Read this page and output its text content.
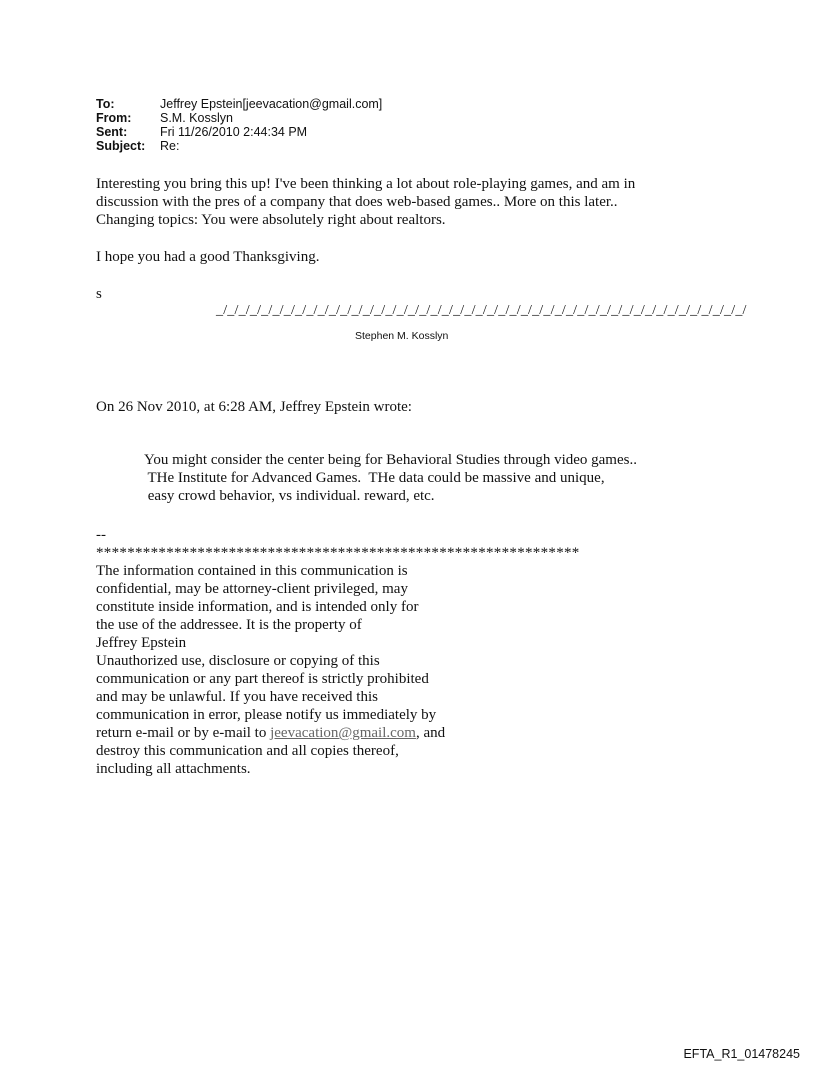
To:	Jeffrey Epstein[jeevacation@gmail.com]
From:	S.M. Kosslyn
Sent:	Fri 11/26/2010 2:44:34 PM
Subject:	Re:
Interesting you bring this up! I've been thinking a lot about role-playing games, and am in
discussion with the pres of a company that does web-based games.. More on this later..
Changing topics: You were absolutely right about realtors.
I hope you had a good Thanksgiving.
s
_/_/_/_/_/_/_/_/_/_/_/_/_/_/_/_/_/_/_/_/_/_/_/_/_/_/_/_/_/_/_/_/_/_/_/_/_/_/_/_/_/_/_/_/_/_/_/
Stephen M. Kosslyn
On 26 Nov 2010, at 6:28 AM, Jeffrey Epstein wrote:
You might consider the center being for Behavioral Studies through video games..
THe Institute for Advanced Games.  THe data could be massive and unique,
easy crowd behavior, vs individual. reward, etc.
--
**************************************************************
The information contained in this communication is
confidential, may be attorney-client privileged, may
constitute inside information, and is intended only for
the use of the addressee. It is the property of
Jeffrey Epstein
Unauthorized use, disclosure or copying of this
communication or any part thereof is strictly prohibited
and may be unlawful. If you have received this
communication in error, please notify us immediately by
return e-mail or by e-mail to jeevacation@gmail.com, and
destroy this communication and all copies thereof,
including all attachments.
EFTA_R1_01478245
